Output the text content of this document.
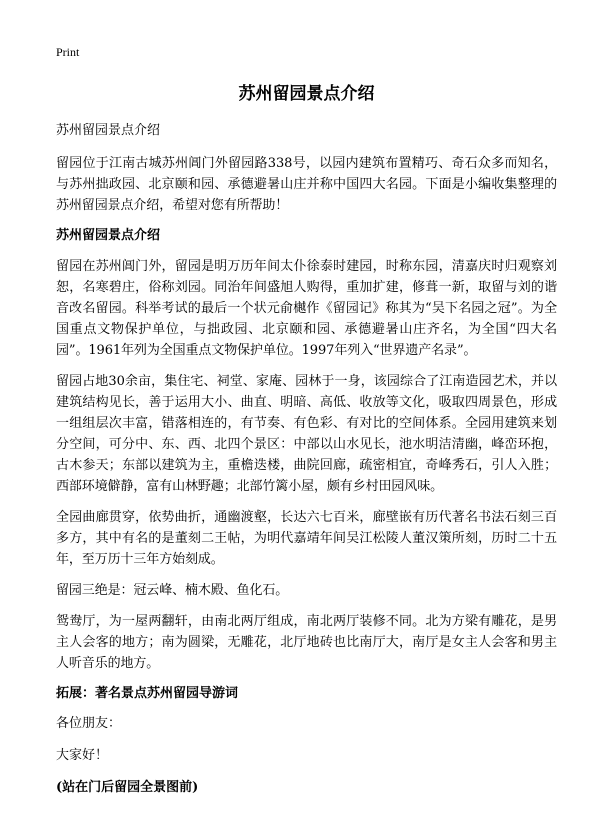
Print
苏州留园景点介绍
苏州留园景点介绍

留园位于江南古城苏州阊门外留园路338号，以园内建筑布置精巧、奇石众多而知名，与苏州拙政园、北京颐和园、承德避暑山庄并称中国四大名园。下面是小编收集整理的苏州留园景点介绍，希望对您有所帮助！

苏州留园景点介绍

留园在苏州阊门外，留园是明万历年间太仆徐泰时建园，时称东园，清嘉庆时归观察刘恕，名寒碧庄，俗称刘园。同治年间盛旭人购得，重加扩建，修葺一新，取留与刘的谐音改名留园。科举考试的最后一个状元俞樾作《留园记》称其为“吴下名园之冠”。为全国重点文物保护单位，与拙政园、北京颐和园、承德避暑山庄齐名，为全国“四大名园”。1961年列为全国重点文物保护单位。1997年列入“世界遗产名录”。

留园占地30余亩，集住宅、祠堂、家庵、园林于一身，该园综合了江南造园艺术，并以建筑结构见长，善于运用大小、曲直、明暗、高低、收放等文化，吸取四周景色，形成一组组层次丰富，错落相连的，有节奏、有色彩、有对比的空间体系。全园用建筑来划分空间，可分中、东、西、北四个景区：中部以山水见长，池水明洁清幽，峰峦环抱，古木参天；东部以建筑为主，重檐迭楼，曲院回廊，疏密相宜，奇峰秀石，引人入胜；西部环境僻静，富有山林野趣；北部竹篱小屋，颇有乡村田园风味。

全园曲廊贯穿，依势曲折，通幽渡壑，长达六七百米，廊壁嵌有历代著名书法石刻三百多方，其中有名的是董刻二王帖，为明代嘉靖年间吴江松陵人董汉策所刻，历时二十五年，至万历十三年方始刻成。

留园三绝是：冠云峰、楠木殿、鱼化石。

鸳鸯厅，为一屋两翻轩，由南北两厅组成，南北两厅装修不同。北为方梁有雕花，是男主人会客的地方；南为圆梁，无雕花，北厅地砖也比南厅大，南厅是女主人会客和男主人听音乐的地方。

拓展：著名景点苏州留园导游词
各位朋友：
大家好！
(站在门后留园全景图前)
